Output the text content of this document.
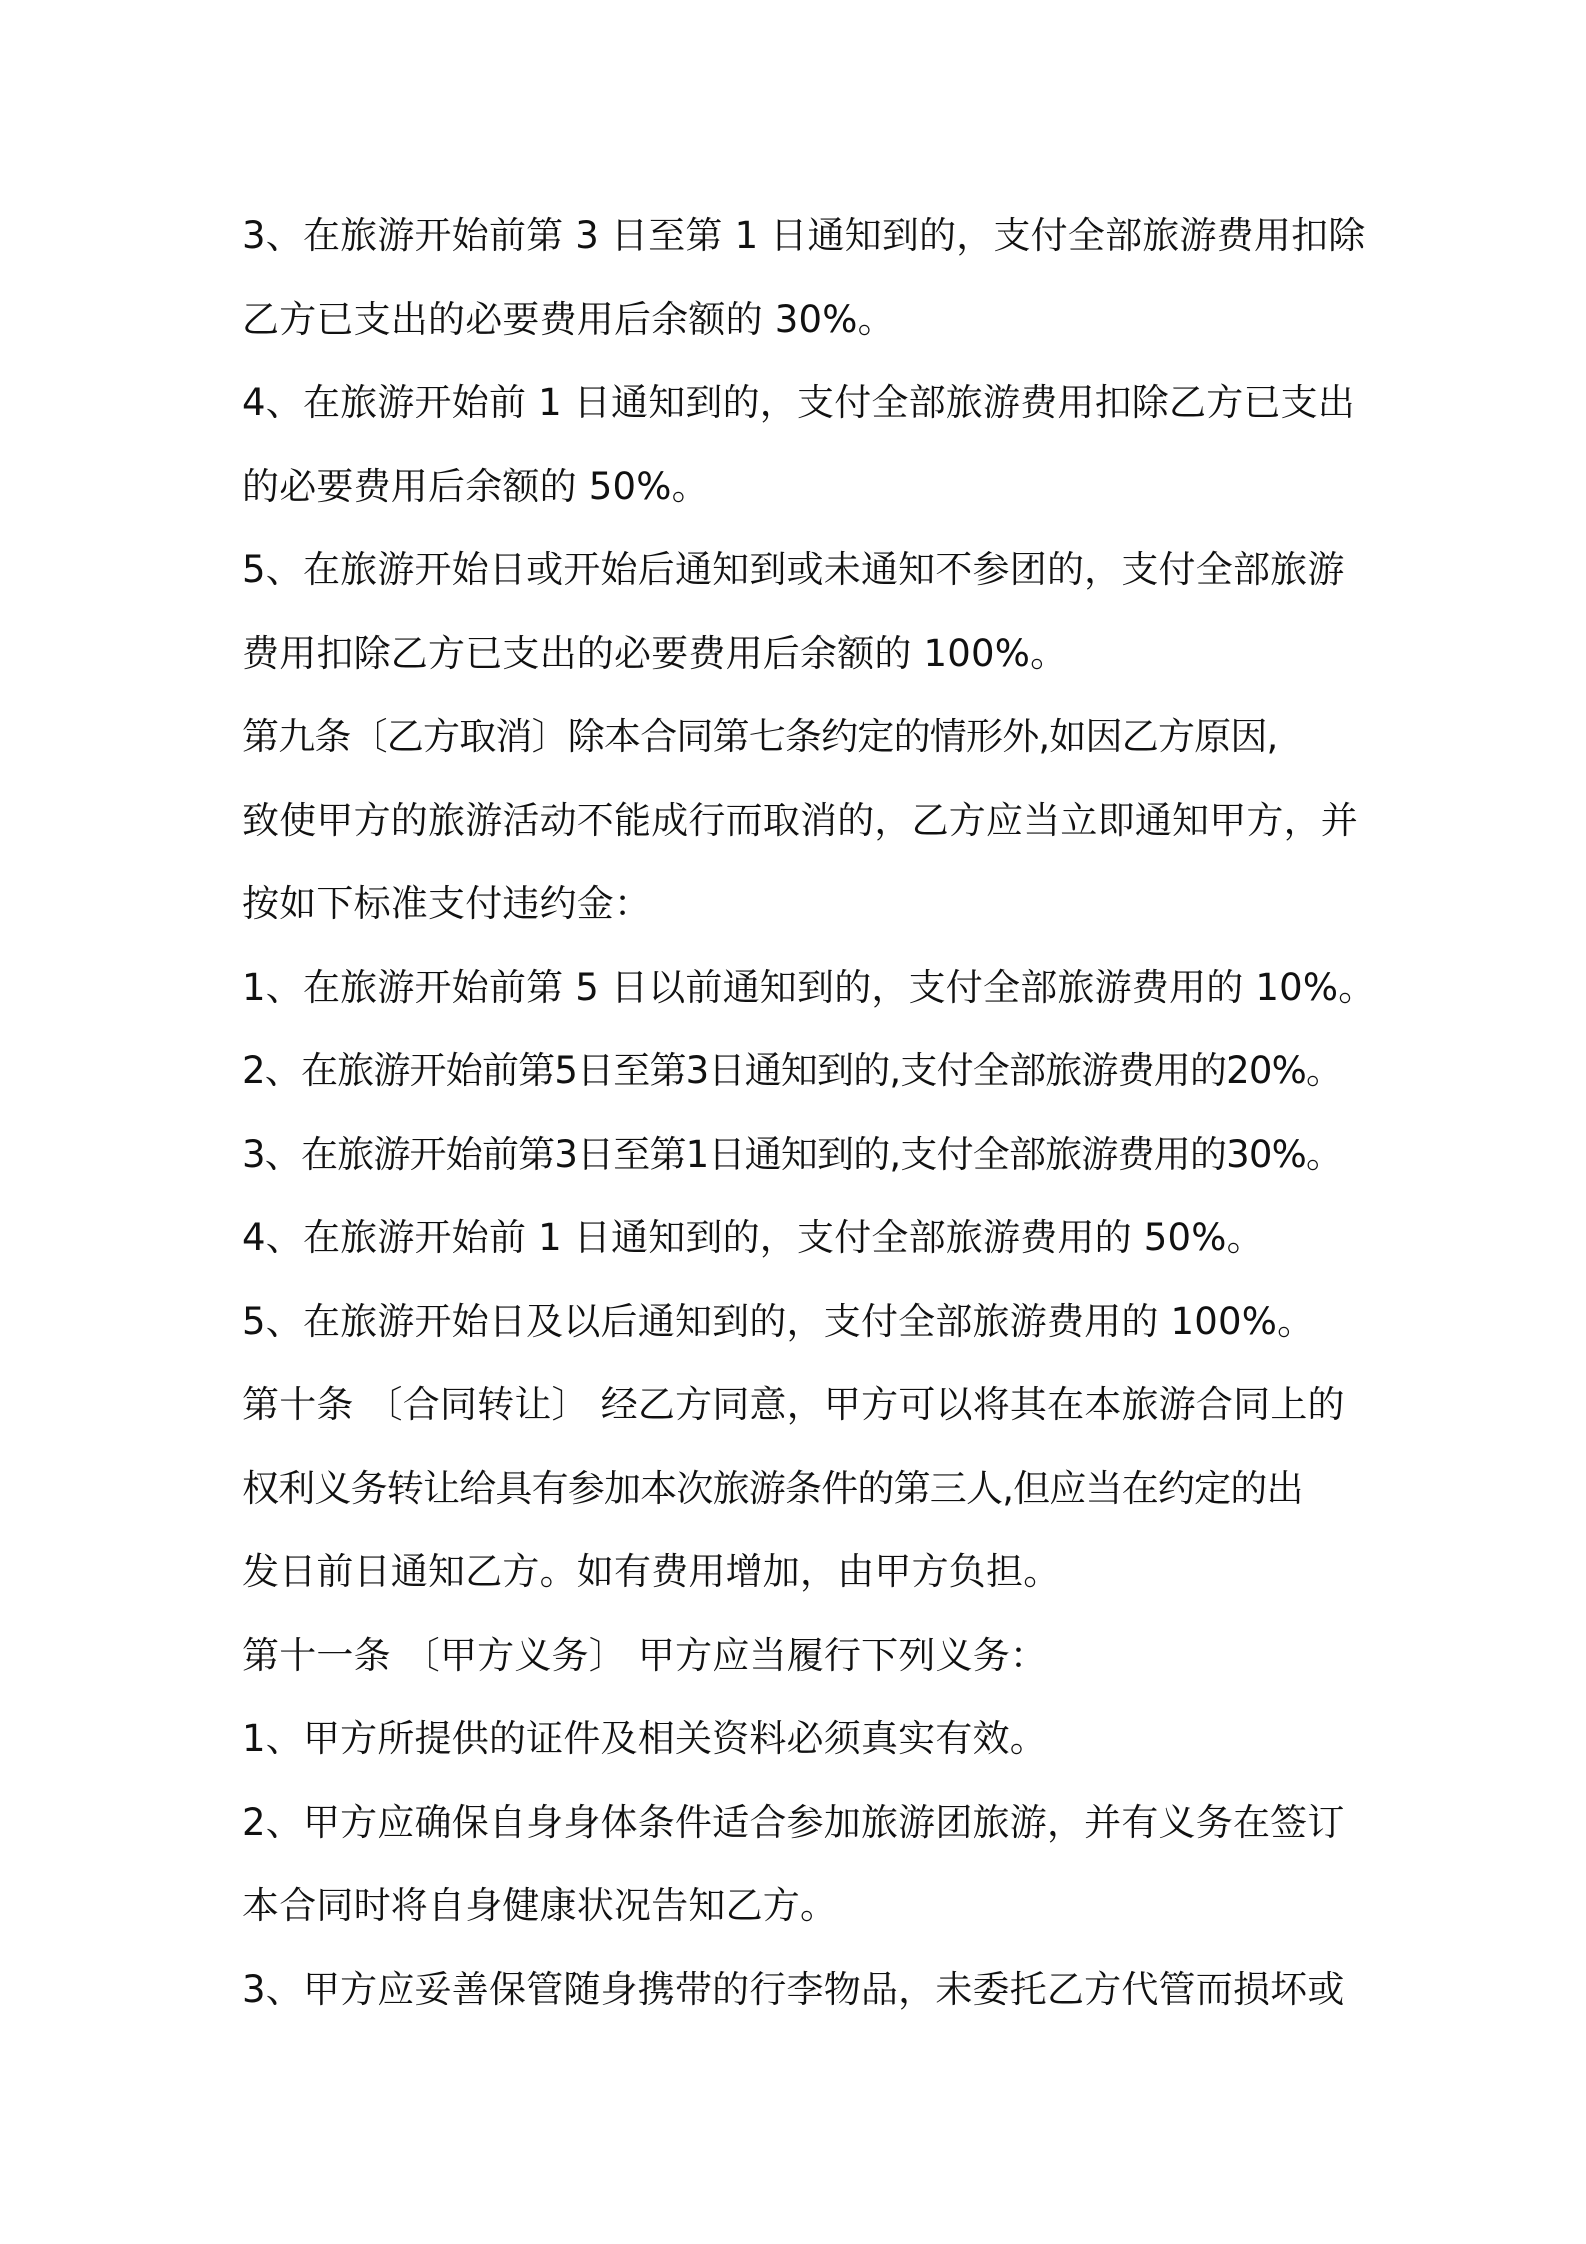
3、在旅游开始前第 3 日至第 1 日通知到的，支付全部旅游费用扣除
乙方已支出的必要费用后余额的 30%。
4、在旅游开始前 1 日通知到的，支付全部旅游费用扣除乙方已支出
的必要费用后余额的 50%。
5、在旅游开始日或开始后通知到或未通知不参团的，支付全部旅游
费用扣除乙方已支出的必要费用后余额的 100%。
第九条〔乙方取消〕除本合同第七条约定的情形外,如因乙方原因,
致使甲方的旅游活动不能成行而取消的，乙方应当立即通知甲方，并
按如下标准支付违约金：
1、在旅游开始前第 5 日以前通知到的，支付全部旅游费用的 10%。
2、在旅游开始前第5日至第3日通知到的,支付全部旅游费用的20%。
3、在旅游开始前第3日至第1日通知到的,支付全部旅游费用的30%。
4、在旅游开始前 1 日通知到的，支付全部旅游费用的 50%。
5、在旅游开始日及以后通知到的，支付全部旅游费用的 100%。
第十条 〔合同转让〕 经乙方同意，甲方可以将其在本旅游合同上的
权利义务转让给具有参加本次旅游条件的第三人,但应当在约定的出
发日前日通知乙方。如有费用增加，由甲方负担。
第十一条 〔甲方义务〕 甲方应当履行下列义务：
1、甲方所提供的证件及相关资料必须真实有效。
2、甲方应确保自身身体条件适合参加旅游团旅游，并有义务在签订
本合同时将自身健康状况告知乙方。
3、甲方应妥善保管随身携带的行李物品，未委托乙方代管而损坏或
